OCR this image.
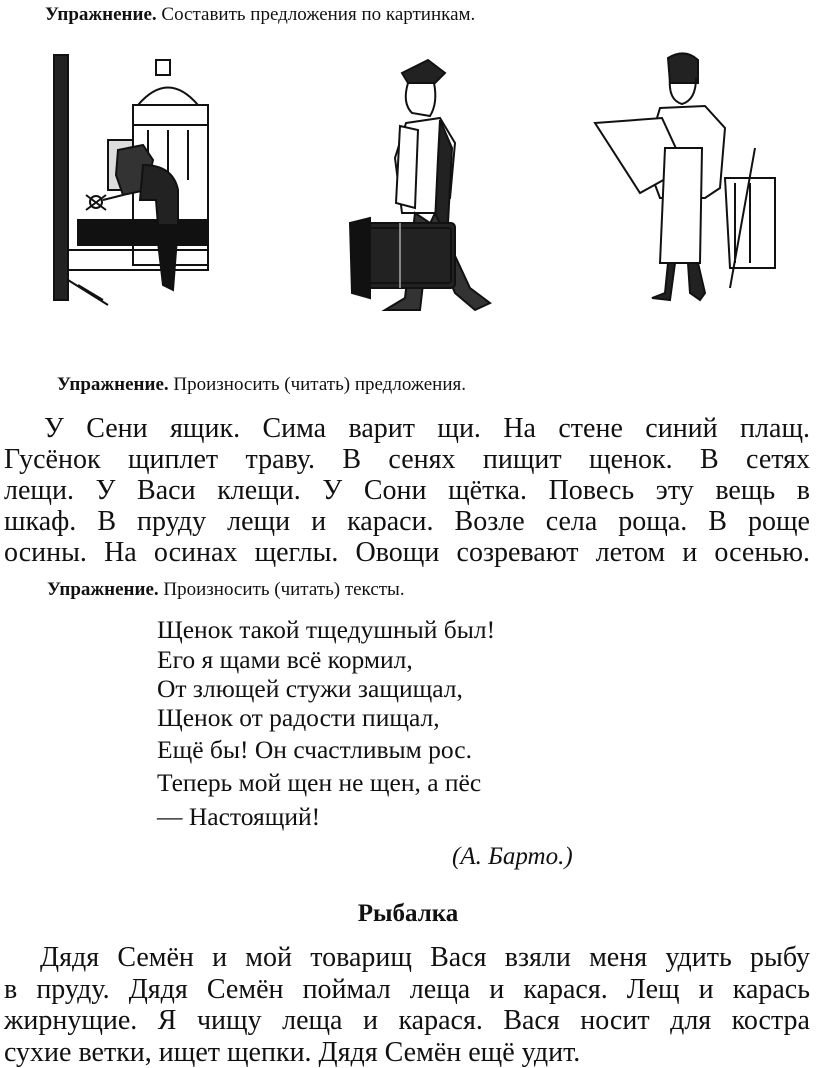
Упражнение. Составить предложения по картинкам.
Упражнение. Произносить (читать) предложения.

У Сени ящик. Сима варит щи. На стене синий плащ.

Гусёнок щиплет траву. В сенях пищит щенок. В сетях

лещи. У Васи клещи. У Сони щётка. Повесь эту вещь в

шкаф. В пруду лещи и караси. Возле села роща. В роще

осины. На осинах щеглы. Овощи созревают летом и осенью.

Упражнение. Произносить (читать) тексты.
Щенок такой тщедушный был!
Его я щами всё кормил,
От злющей стужи защищал,
Щенок от радости пищал,
Ещё бы! Он счастливым рос.
Теперь мой щен не щен, а пёс
— Настоящий!
(А. Барто.)
Рыбалка

Дядя Семён и мой товарищ Вася взяли меня удить рыбу

в пруду. Дядя Семён поймал леща и карася. Лещ и карась

жирнущие. Я чищу леща и карася. Вася носит для костра

сухие ветки, ищет щепки. Дядя Семён ещё удит.
